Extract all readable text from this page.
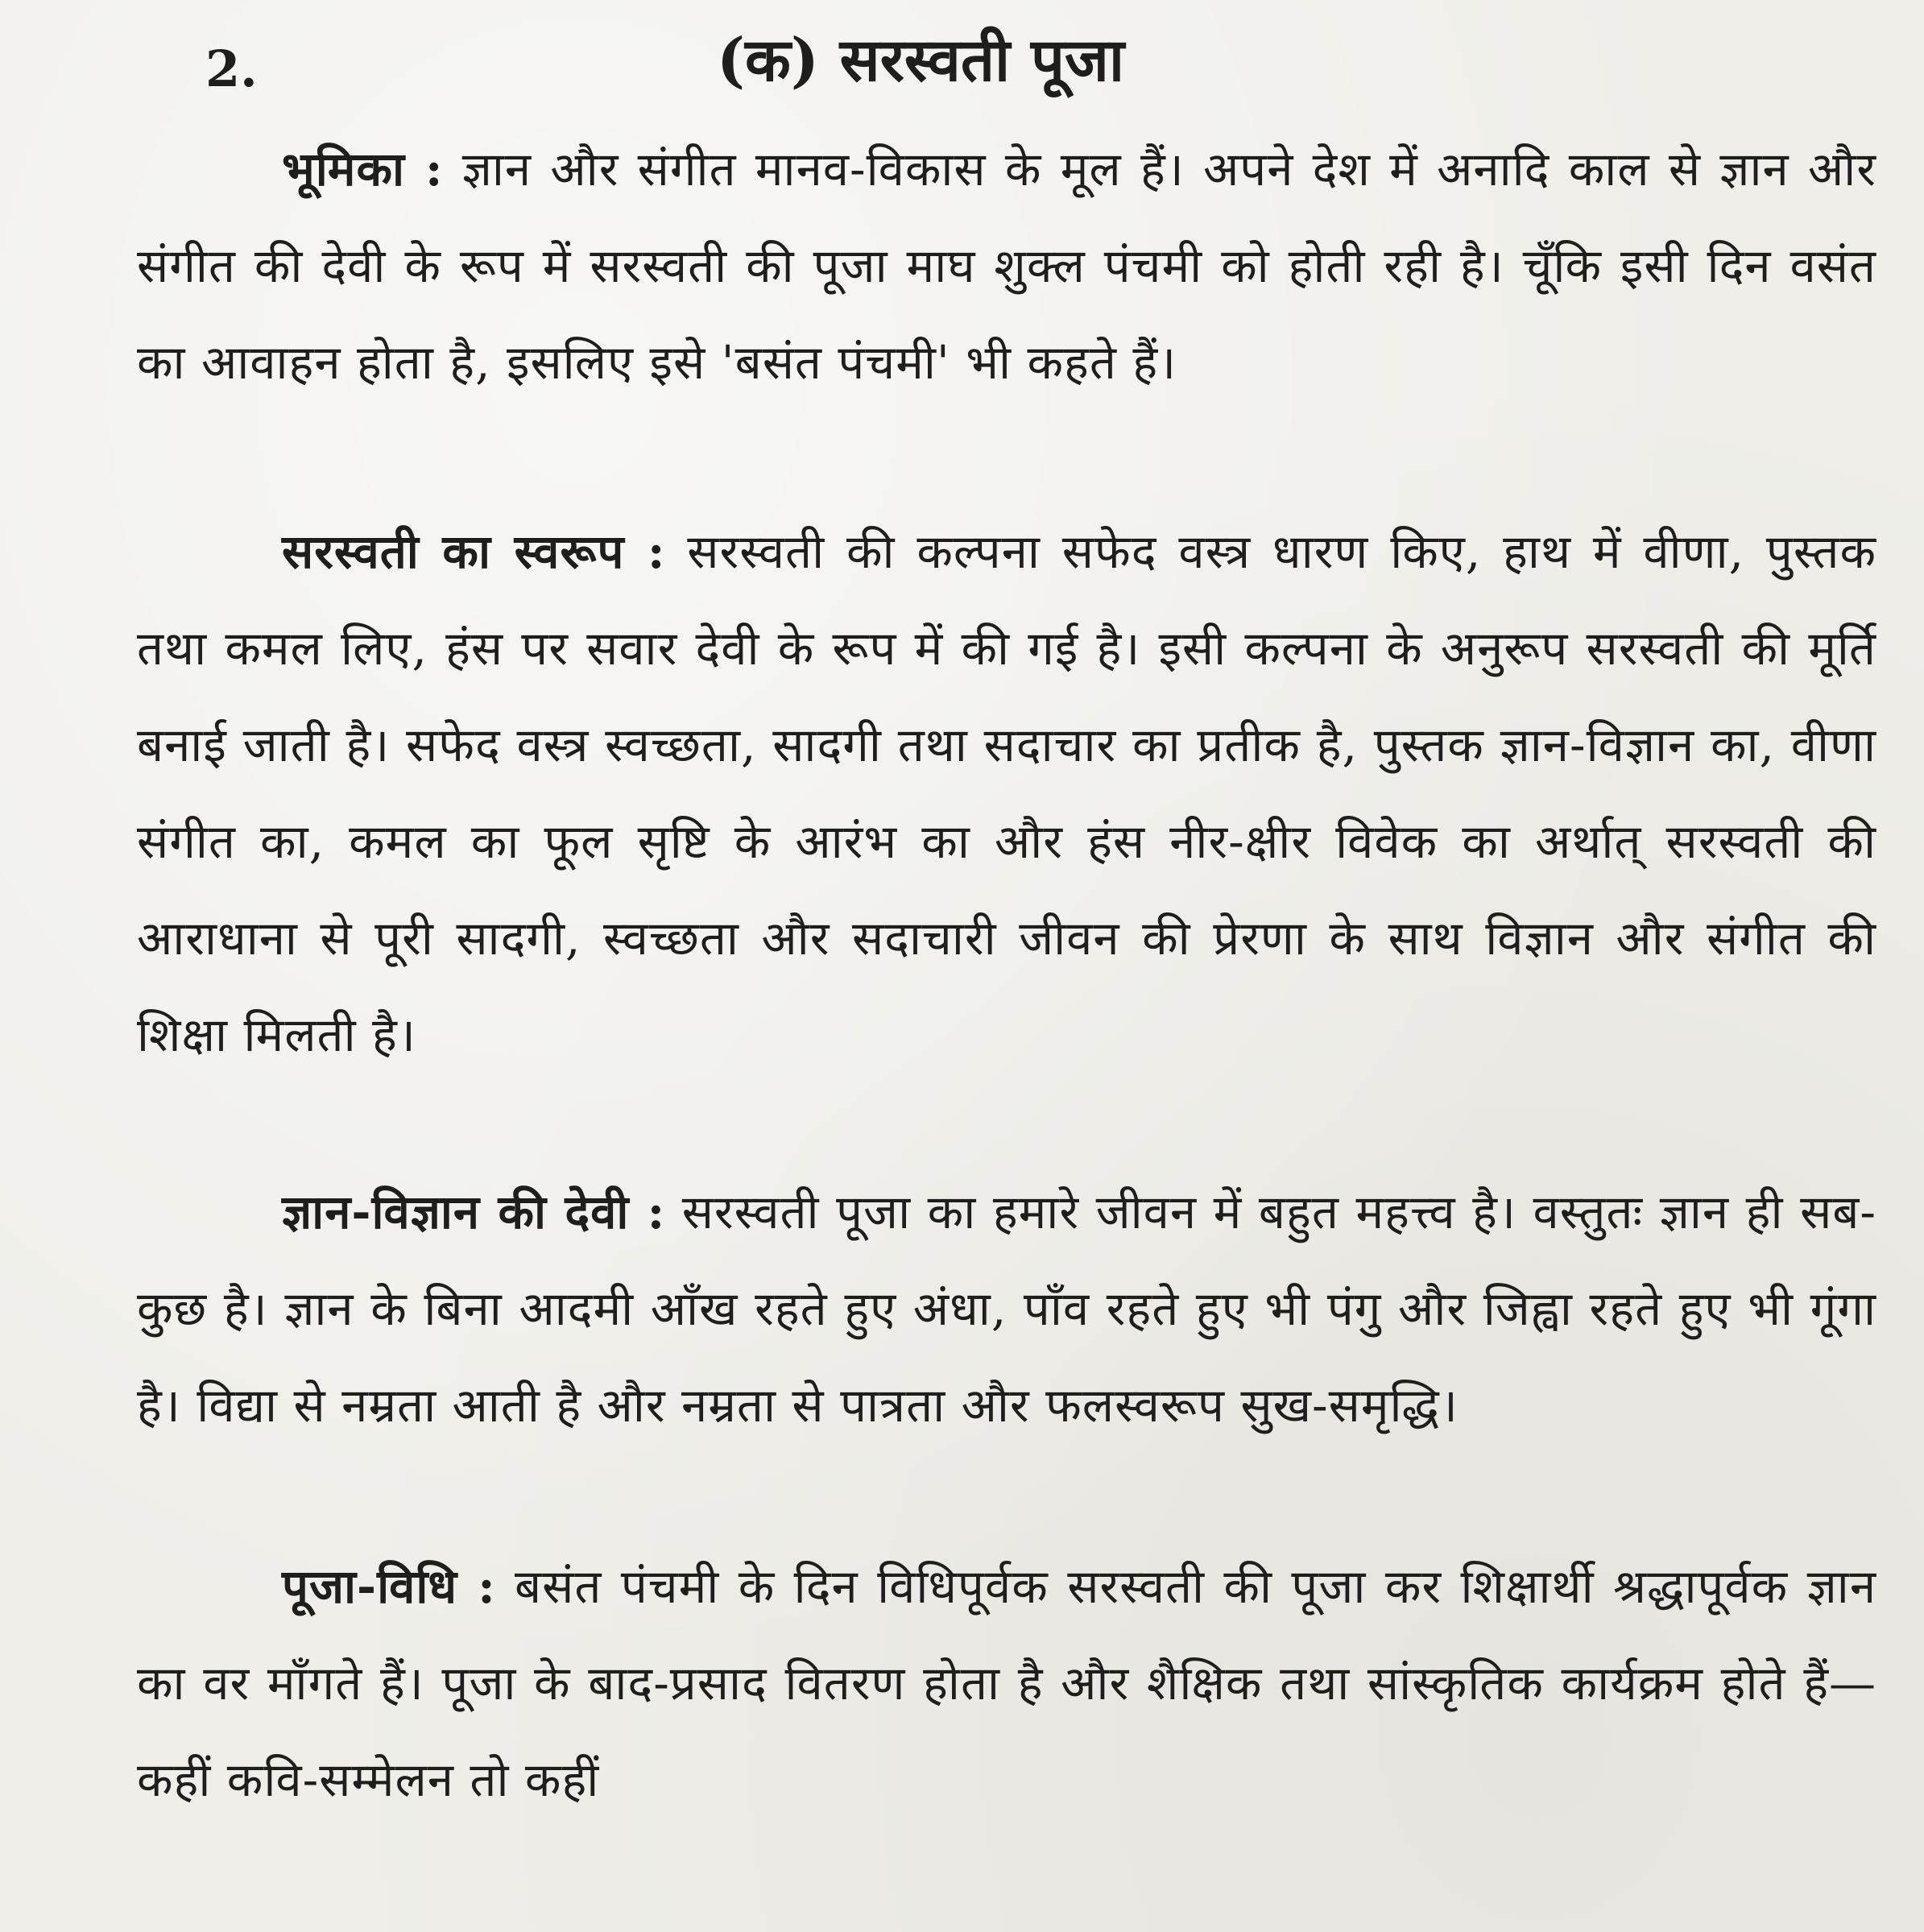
2.	(क) सरस्वती पूजा

भूमिका : ज्ञान और संगीत मानव-विकास के मूल हैं। अपने देश में अनादि काल से ज्ञान और संगीत की देवी के रूप में सरस्वती की पूजा माघ शुक्ल पंचमी को होती रही है। चूँकि इसी दिन वसंत का आवाहन होता है, इसलिए इसे 'बसंत पंचमी' भी कहते हैं।

सरस्वती का स्वरूप : सरस्वती की कल्पना सफेद वस्त्र धारण किए, हाथ में वीणा, पुस्तक तथा कमल लिए, हंस पर सवार देवी के रूप में की गई है। इसी कल्पना के अनुरूप सरस्वती की मूर्ति बनाई जाती है। सफेद वस्त्र स्वच्छता, सादगी तथा सदाचार का प्रतीक है, पुस्तक ज्ञान-विज्ञान का, वीणा संगीत का, कमल का फूल सृष्टि के आरंभ का और हंस नीर-क्षीर विवेक का अर्थात् सरस्वती की आराधाना से पूरी सादगी, स्वच्छता और सदाचारी जीवन की प्रेरणा के साथ विज्ञान और संगीत की शिक्षा मिलती है।

ज्ञान-विज्ञान की देवी : सरस्वती पूजा का हमारे जीवन में बहुत महत्त्व है। वस्तुतः ज्ञान ही सब-कुछ है। ज्ञान के बिना आदमी आँख रहते हुए अंधा, पाँव रहते हुए भी पंगु और जिह्वा रहते हुए भी गूंगा है। विद्या से नम्रता आती है और नम्रता से पात्रता और फलस्वरूप सुख-समृद्धि।

पूजा-विधि : बसंत पंचमी के दिन विधिपूर्वक सरस्वती की पूजा कर शिक्षार्थी श्रद्धापूर्वक ज्ञान का वर माँगते हैं। पूजा के बाद-प्रसाद वितरण होता है और शैक्षिक तथा सांस्कृतिक कार्यक्रम होते हैं—कहीं कवि-सम्मेलन तो कहीं
